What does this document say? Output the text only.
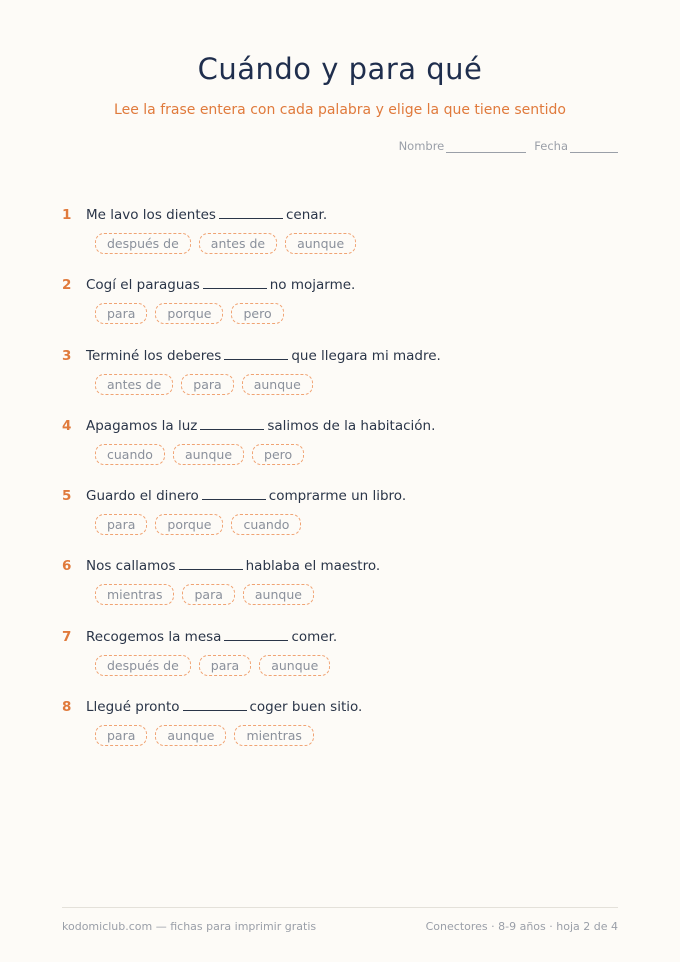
Cuándo y para qué

Lee la frase entera con cada palabra y elige la que tiene sentido

Nombre	Fecha
1	Me lavo los dientes	cenar.
después de	antes de	aunque
2	Cogí el paraguas	no mojarme.
para	porque	pero
3	Terminé los deberes	que llegara mi madre.
antes de	para	aunque
4	Apagamos la luz	salimos de la habitación.
cuando	aunque	pero
5	Guardo el dinero	comprarme un libro.
para	porque	cuando
6	Nos callamos	hablaba el maestro.
mientras	para	aunque
7	Recogemos la mesa	comer.
después de	para	aunque
8	Llegué pronto	coger buen sitio.
para	aunque	mientras
kodomiclub.com — fichas para imprimir gratis	Conectores · 8-9 años · hoja 2 de 4
